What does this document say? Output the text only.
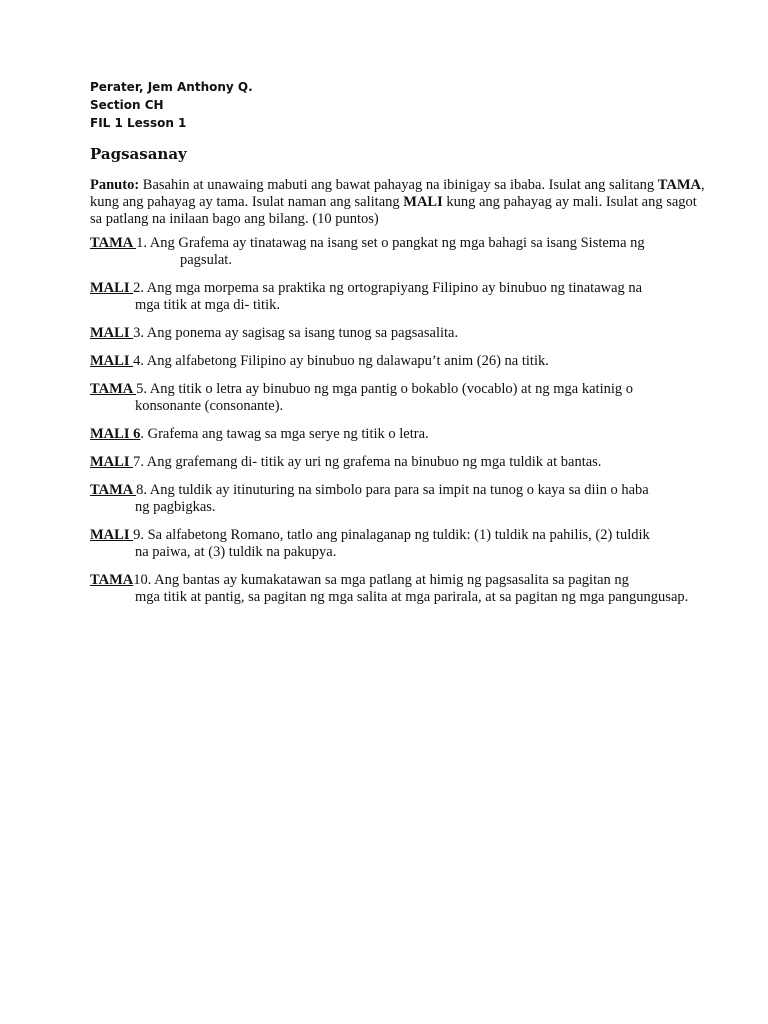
Perater, Jem Anthony Q.

Section CH

FIL 1 Lesson 1

Pagsasanay

Panuto: Basahin at unawaing mabuti ang bawat pahayag na ibinigay sa ibaba. Isulat ang salitang TAMA, kung ang pahayag ay tama. Isulat naman ang salitang MALI kung ang pahayag ay mali. Isulat ang sagot sa patlang na inilaan bago ang bilang. (10 puntos)

TAMA 1. Ang Grafema ay tinatawag na isang set o pangkat ng mga bahagi sa isang Sistema ng
pagsulat.

MALI 2. Ang mga morpema sa praktika ng ortograpiyang Filipino ay binubuo ng tinatawag na
mga titik at mga di- titik.

MALI 3. Ang ponema ay sagisag sa isang tunog sa pagsasalita.

MALI 4. Ang alfabetong Filipino ay binubuo ng dalawapu’t anim (26) na titik.

TAMA 5. Ang titik o letra ay binubuo ng mga pantig o bokablo (vocablo) at ng mga katinig o
konsonante (consonante).

MALI 6. Grafema ang tawag sa mga serye ng titik o letra.

MALI 7. Ang grafemang di- titik ay uri ng grafema na binubuo ng mga tuldik at bantas.

TAMA 8. Ang tuldik ay itinuturing na simbolo para para sa impit na tunog o kaya sa diin o haba
ng pagbigkas.

MALI 9. Sa alfabetong Romano, tatlo ang pinalaganap ng tuldik: (1) tuldik na pahilis, (2) tuldik
na paiwa, at (3) tuldik na pakupya.

TAMA10. Ang bantas ay kumakatawan sa mga patlang at himig ng pagsasalita sa pagitan ng
mga titik at pantig, sa pagitan ng mga salita at mga parirala, at sa pagitan ng mga pangungusap.
